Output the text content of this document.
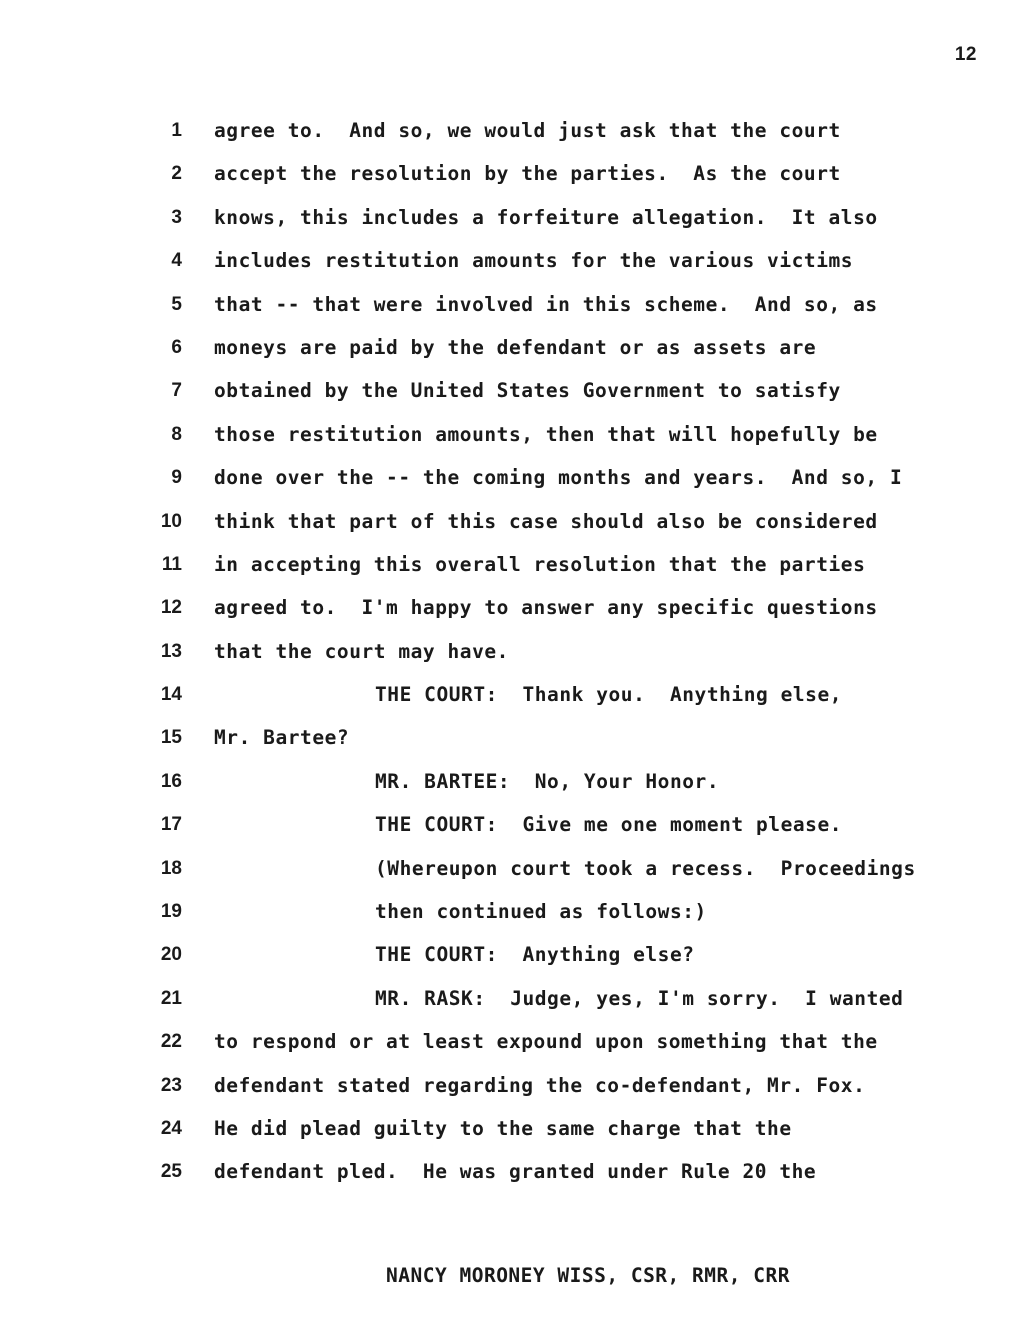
12
1 agree to.  And so, we would just ask that the court
2 accept the resolution by the parties.  As the court
3 knows, this includes a forfeiture allegation.  It also
4 includes restitution amounts for the various victims
5 that -- that were involved in this scheme.  And so, as
6 moneys are paid by the defendant or as assets are
7 obtained by the United States Government to satisfy
8 those restitution amounts, then that will hopefully be
9 done over the -- the coming months and years.  And so, I
10 think that part of this case should also be considered
11 in accepting this overall resolution that the parties
12 agreed to.  I'm happy to answer any specific questions
13 that the court may have.
14	THE COURT:  Thank you.  Anything else,
15 Mr. Bartee?
16	MR. BARTEE:  No, Your Honor.
17	THE COURT:  Give me one moment please.
18	(Whereupon court took a recess.  Proceedings
19	then continued as follows:)
20	THE COURT:  Anything else?
21	MR. RASK:  Judge, yes, I'm sorry.  I wanted
22 to respond or at least expound upon something that the
23 defendant stated regarding the co-defendant, Mr. Fox.
24 He did plead guilty to the same charge that the
25 defendant pled.  He was granted under Rule 20 the
NANCY MORONEY WISS, CSR, RMR, CRR
